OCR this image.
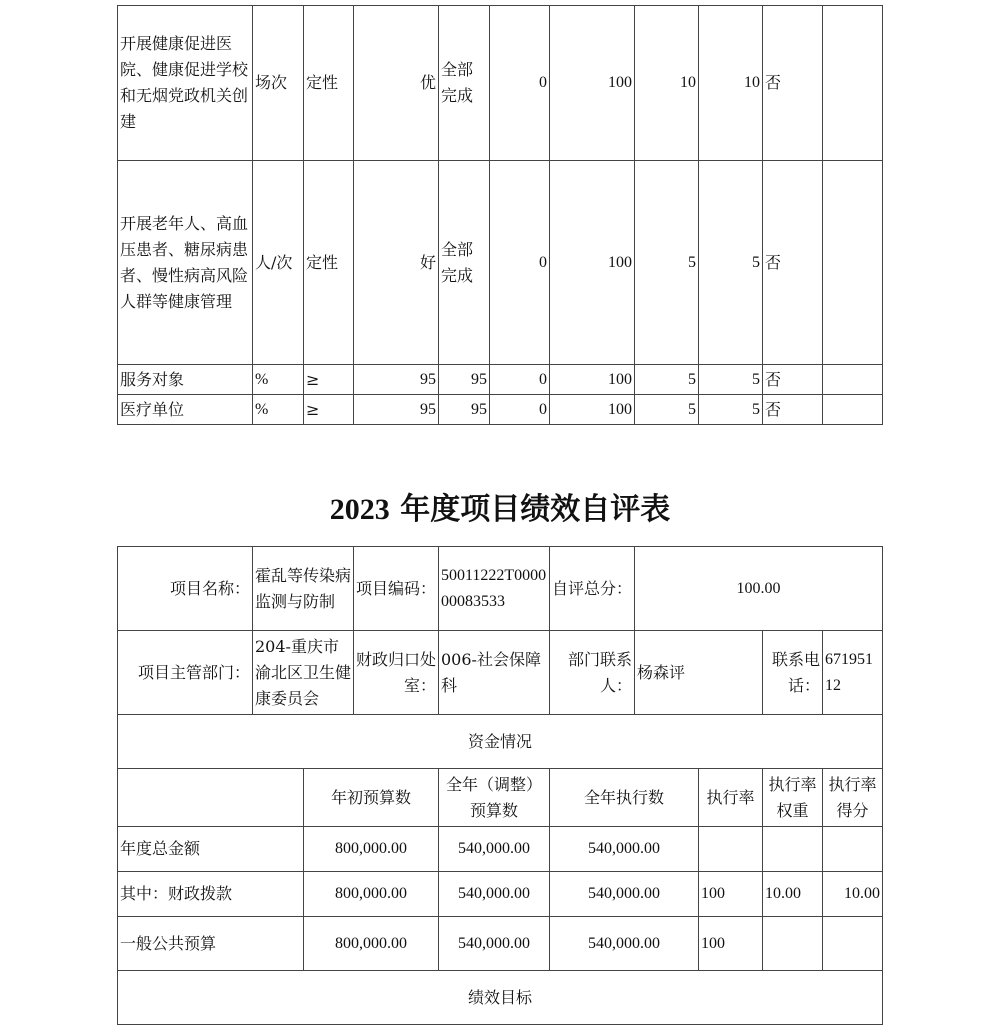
开展健康促进医院、健康促进学校和无烟党政机关创建	场次	定性	优	全部完成	0	100	10	10	否	
开展老年人、高血压患者、糖尿病患者、慢性病高风险人群等健康管理	人/次	定性	好	全部完成	0	100	5	5	否	
服务对象	%	≥	95	95	0	100	5	5	否	
医疗单位	%	≥	95	95	0	100	5	5	否	
2023 年度项目绩效自评表
项目名称：	霍乱等传染病监测与防制		项目编码：	50011222T000000083533	自评总分：	100.00			
项目主管部门：	204-重庆市渝北区卫生健康委员会		财政归口处室：	006-社会保障科	部门联系人：	杨森评		联系电话：	67195112
资金情况									
		年初预算数		全年（调整）预算数	全年执行数		执行率	执行率权重	执行率得分
年度总金额		800,000.00		540,000.00	540,000.00				
其中：财政拨款		800,000.00		540,000.00	540,000.00		100	10.00	10.00
一般公共预算		800,000.00		540,000.00	540,000.00		100		
绩效目标									
